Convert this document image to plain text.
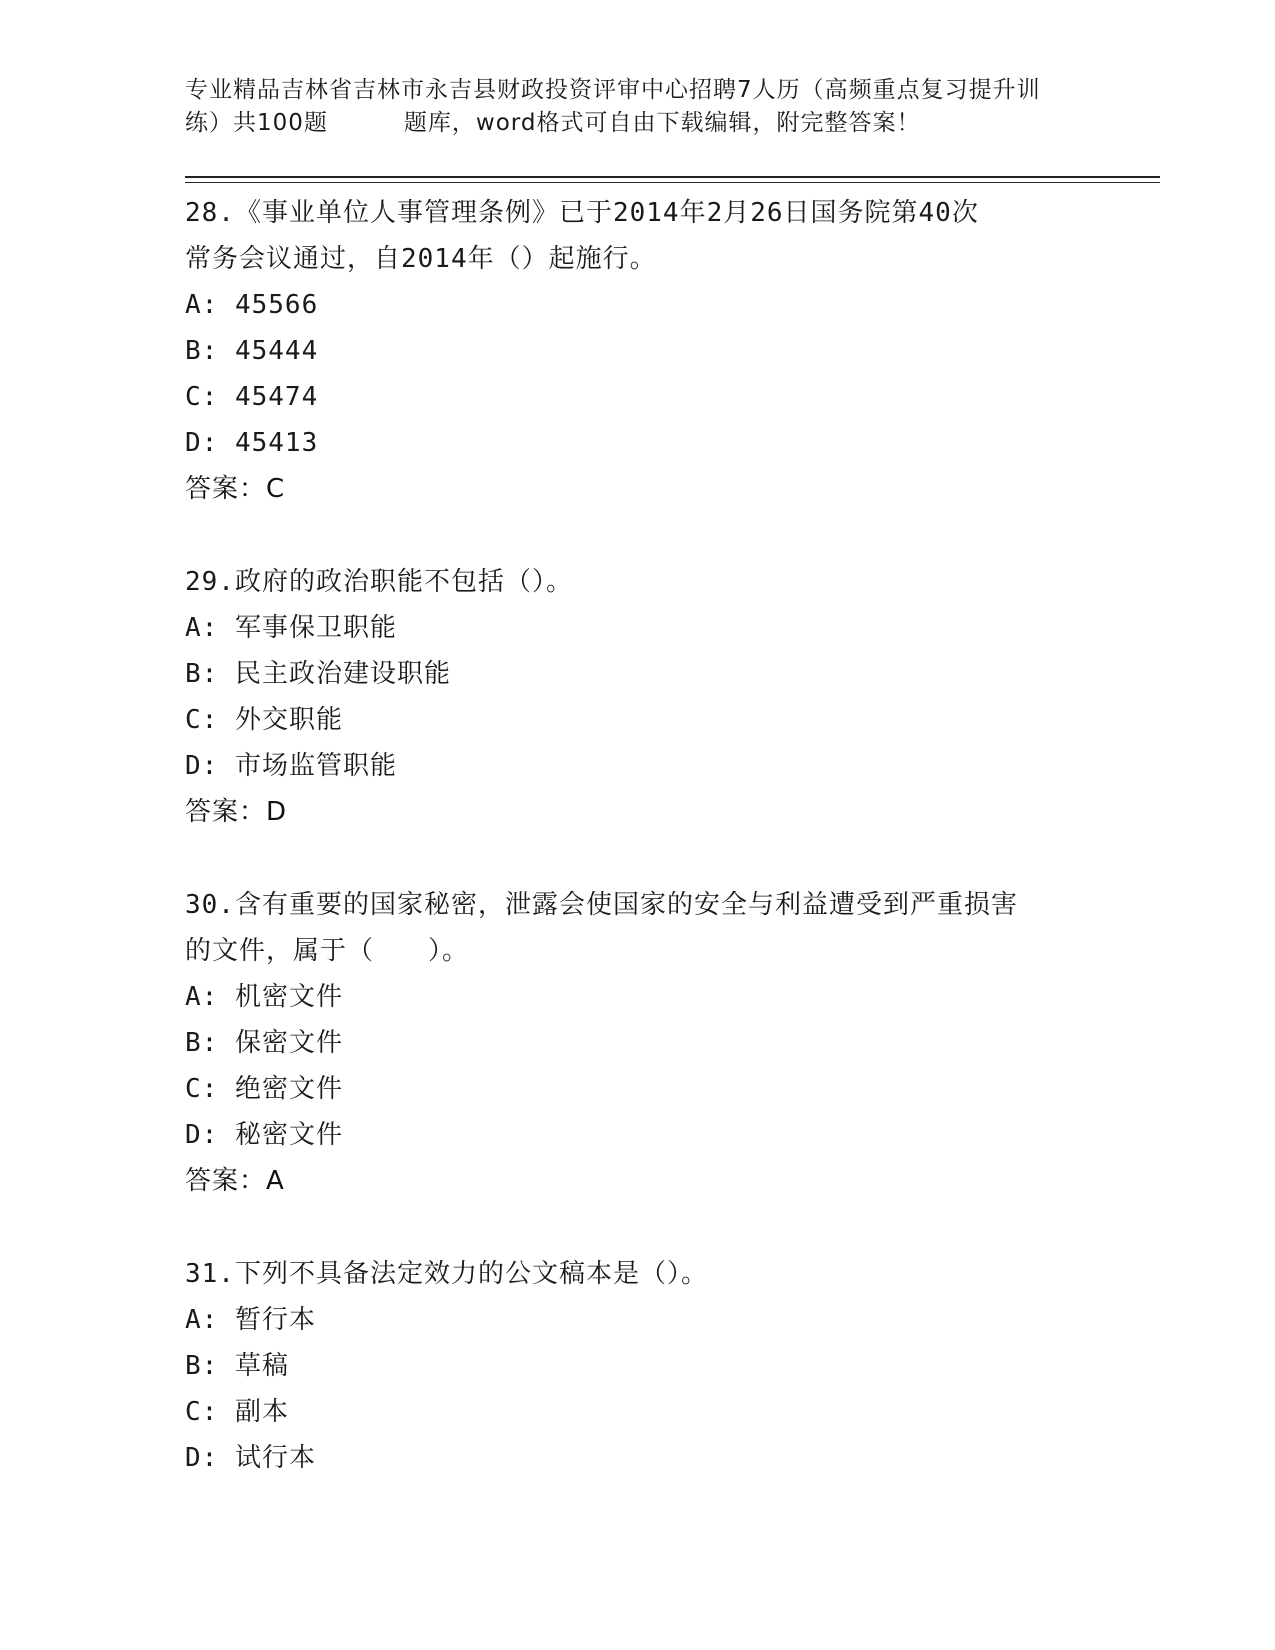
专业精品吉林省吉林市永吉县财政投资评审中心招聘7人历（高频重点复习提升训
练）共100题	题库，word格式可自由下载编辑，附完整答案！
28.《事业单位人事管理条例》已于2014年2月26日国务院第40次
常务会议通过，自2014年（）起施行。
A: 45566
B: 45444
C: 45474
D: 45413
答案：C
29.政府的政治职能不包括（）。
A: 军事保卫职能
B: 民主政治建设职能
C: 外交职能
D: 市场监管职能
答案：D
30.含有重要的国家秘密，泄露会使国家的安全与利益遭受到严重损害
的文件，属于（　　）。
A: 机密文件
B: 保密文件
C: 绝密文件
D: 秘密文件
答案：A
31.下列不具备法定效力的公文稿本是（）。
A: 暂行本
B: 草稿
C: 副本
D: 试行本
